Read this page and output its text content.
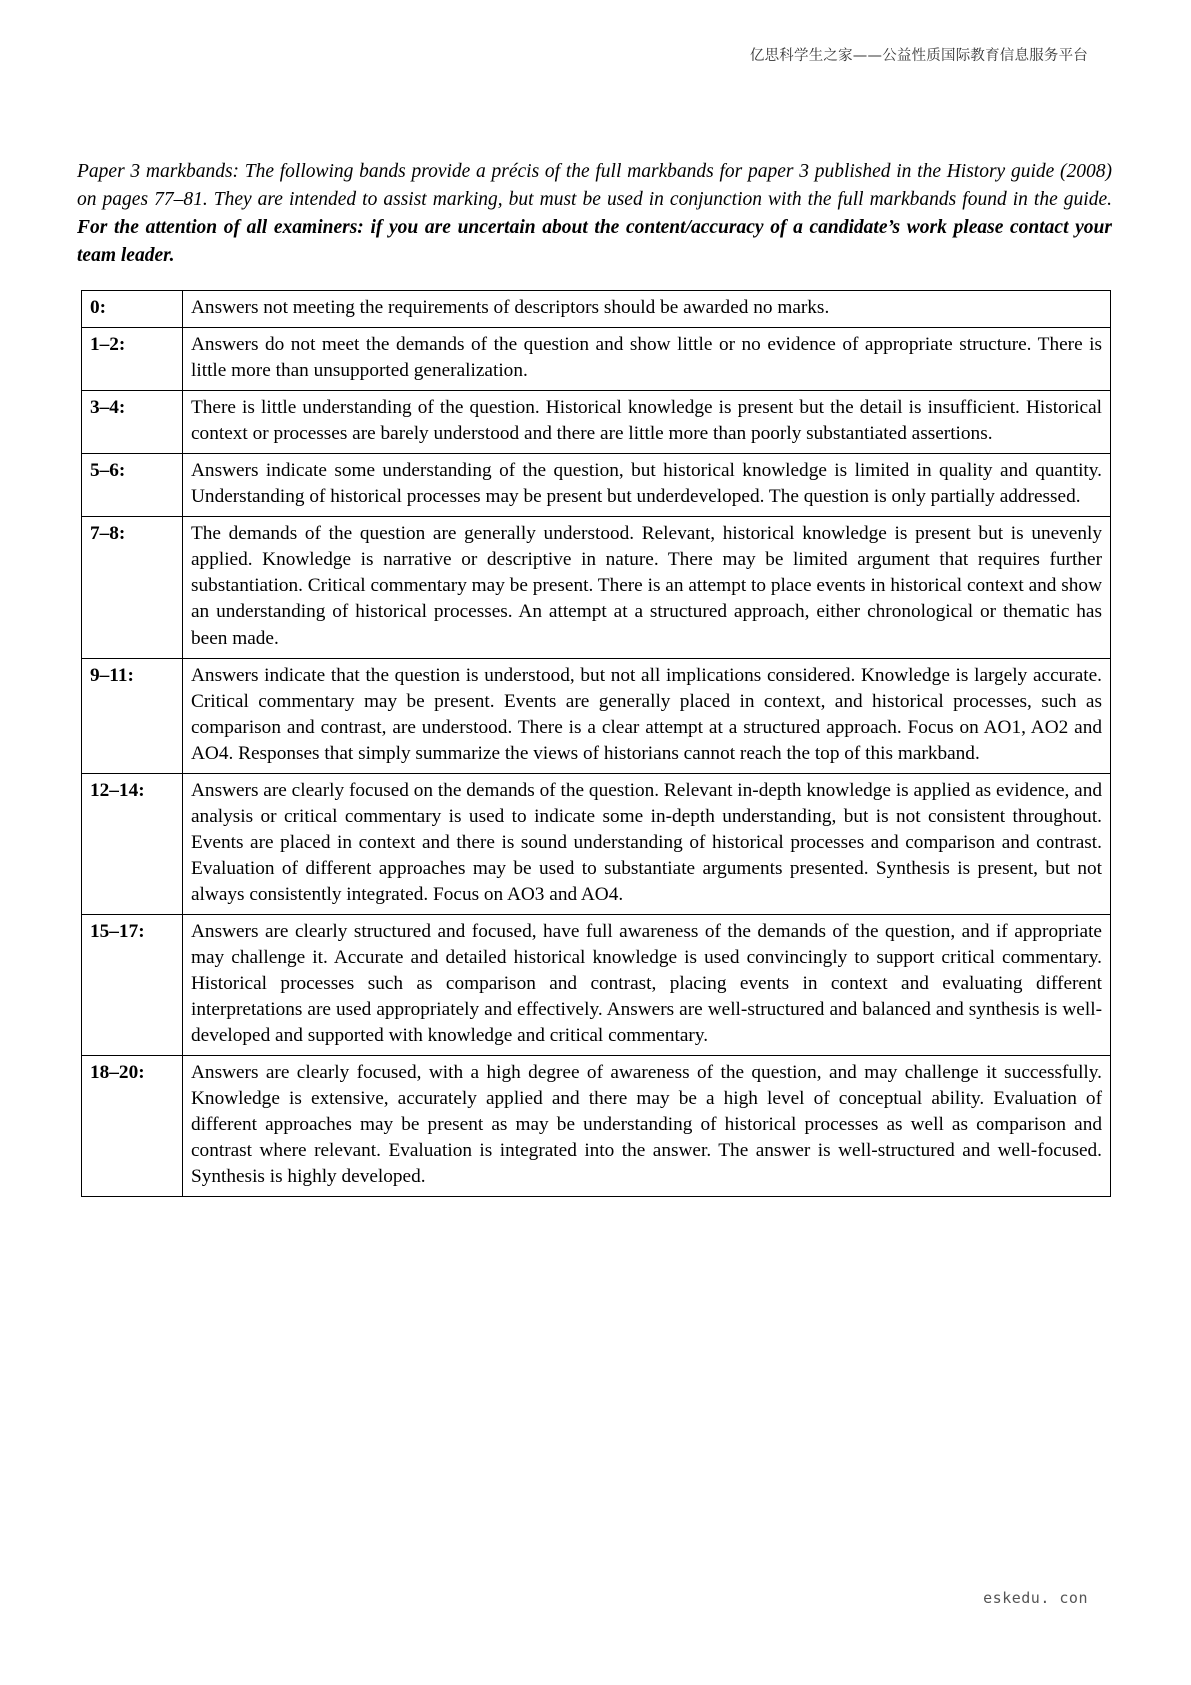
亿思科学生之家——公益性质国际教育信息服务平台

Paper 3 markbands: The following bands provide a précis of the full markbands for paper 3 published in the History guide (2008) on pages 77–81. They are intended to assist marking, but must be used in conjunction with the full markbands found in the guide. For the attention of all examiners: if you are uncertain about the content/accuracy of a candidate’s work please contact your team leader.

0:	Answers not meeting the requirements of descriptors should be awarded no marks.
1–2:	Answers do not meet the demands of the question and show little or no evidence of appropriate structure. There is little more than unsupported generalization.
3–4:	There is little understanding of the question. Historical knowledge is present but the detail is insufficient. Historical context or processes are barely understood and there are little more than poorly substantiated assertions.
5–6:	Answers indicate some understanding of the question, but historical knowledge is limited in quality and quantity. Understanding of historical processes may be present but underdeveloped. The question is only partially addressed.
7–8:	The demands of the question are generally understood. Relevant, historical knowledge is present but is unevenly applied. Knowledge is narrative or descriptive in nature. There may be limited argument that requires further substantiation. Critical commentary may be present. There is an attempt to place events in historical context and show an understanding of historical processes. An attempt at a structured approach, either chronological or thematic has been made.
9–11:	Answers indicate that the question is understood, but not all implications considered. Knowledge is largely accurate. Critical commentary may be present. Events are generally placed in context, and historical processes, such as comparison and contrast, are understood. There is a clear attempt at a structured approach. Focus on AO1, AO2 and AO4. Responses that simply summarize the views of historians cannot reach the top of this markband.
12–14:	Answers are clearly focused on the demands of the question. Relevant in-depth knowledge is applied as evidence, and analysis or critical commentary is used to indicate some in-depth understanding, but is not consistent throughout. Events are placed in context and there is sound understanding of historical processes and comparison and contrast. Evaluation of different approaches may be used to substantiate arguments presented. Synthesis is present, but not always consistently integrated. Focus on AO3 and AO4.
15–17:	Answers are clearly structured and focused, have full awareness of the demands of the question, and if appropriate may challenge it. Accurate and detailed historical knowledge is used convincingly to support critical commentary. Historical processes such as comparison and contrast, placing events in context and evaluating different interpretations are used appropriately and effectively. Answers are well-structured and balanced and synthesis is well-developed and supported with knowledge and critical commentary.
18–20:	Answers are clearly focused, with a high degree of awareness of the question, and may challenge it successfully. Knowledge is extensive, accurately applied and there may be a high level of conceptual ability. Evaluation of different approaches may be present as may be understanding of historical processes as well as comparison and contrast where relevant. Evaluation is integrated into the answer. The answer is well-structured and well-focused. Synthesis is highly developed.
eskedu. con
